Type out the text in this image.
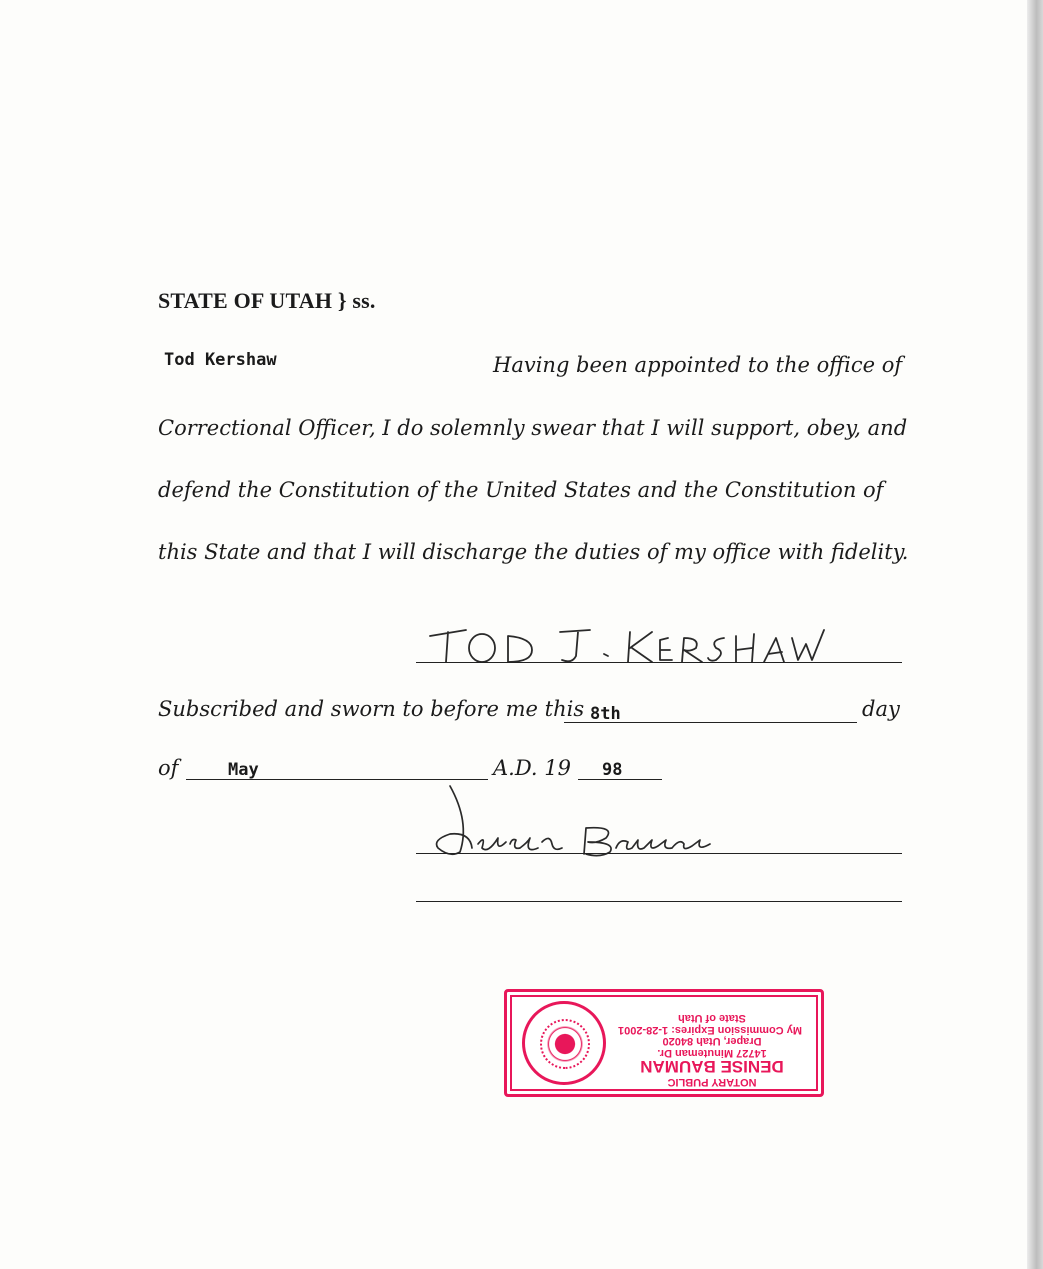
STATE OF UTAH } ss.
Tod Kershaw	Having been appointed to the office of
Correctional Officer, I do solemnly swear that I will support, obey, and
defend the Constitution of the United States and the Constitution of
this State and that I will discharge the duties of my office with fidelity.
Subscribed and sworn to before me this 8th	day
of	May	A.D. 19 98
NOTARY PUBLIC
DENISE BAUMAN
14727 Minuteman Dr.
Draper, Utah 84020
My Commission Expires: 1-28-2001
State of Utah
